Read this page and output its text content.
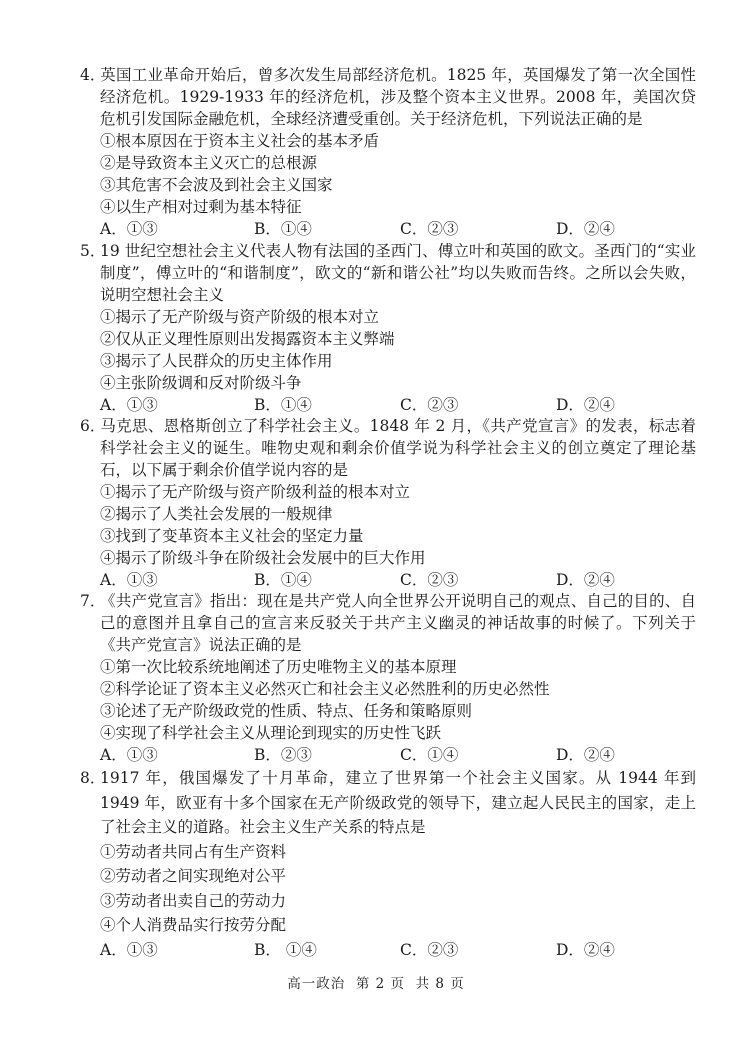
4．英国工业革命开始后，曾多次发生局部经济危机。1825 年，英国爆发了第一次全国性经济危机。1929-1933 年的经济危机，涉及整个资本主义世界。2008 年，美国次贷危机引发国际金融危机，全球经济遭受重创。关于经济危机，下列说法正确的是
①根本原因在于资本主义社会的基本矛盾
②是导致资本主义灭亡的总根源
③其危害不会波及到社会主义国家
④以生产相对过剩为基本特征
A．①③	B．①④	C．②③	D．②④
5．19 世纪空想社会主义代表人物有法国的圣西门、傅立叶和英国的欧文。圣西门的“实业制度”，傅立叶的“和谐制度”，欧文的“新和谐公社”均以失败而告终。之所以会失败，说明空想社会主义
①揭示了无产阶级与资产阶级的根本对立
②仅从正义理性原则出发揭露资本主义弊端
③揭示了人民群众的历史主体作用
④主张阶级调和反对阶级斗争
A．①③	B．①④	C．②③	D．②④
6．马克思、恩格斯创立了科学社会主义。1848 年 2 月，《共产党宣言》的发表，标志着科学社会主义的诞生。唯物史观和剩余价值学说为科学社会主义的创立奠定了理论基石，以下属于剩余价值学说内容的是
①揭示了无产阶级与资产阶级利益的根本对立
②揭示了人类社会发展的一般规律
③找到了变革资本主义社会的坚定力量
④揭示了阶级斗争在阶级社会发展中的巨大作用
A．①③	B．①④	C．②③	D．②④
7．《共产党宣言》指出：现在是共产党人向全世界公开说明自己的观点、自己的目的、自己的意图并且拿自己的宣言来反驳关于共产主义幽灵的神话故事的时候了。下列关于《共产党宣言》说法正确的是
①第一次比较系统地阐述了历史唯物主义的基本原理
②科学论证了资本主义必然灭亡和社会主义必然胜利的历史必然性
③论述了无产阶级政党的性质、特点、任务和策略原则
④实现了科学社会主义从理论到现实的历史性飞跃
A．①③	B．②③	C．①④	D．②④
8．1917 年，俄国爆发了十月革命，建立了世界第一个社会主义国家。从 1944 年到 1949 年，欧亚有十多个国家在无产阶级政党的领导下，建立起人民民主的国家，走上了社会主义的道路。社会主义生产关系的特点是
①劳动者共同占有生产资料
②劳动者之间实现绝对公平
③劳动者出卖自己的劳动力
④个人消费品实行按劳分配
A．①③	B． ①④	C．②③	D．②④
高一政治  第 2 页  共 8 页
